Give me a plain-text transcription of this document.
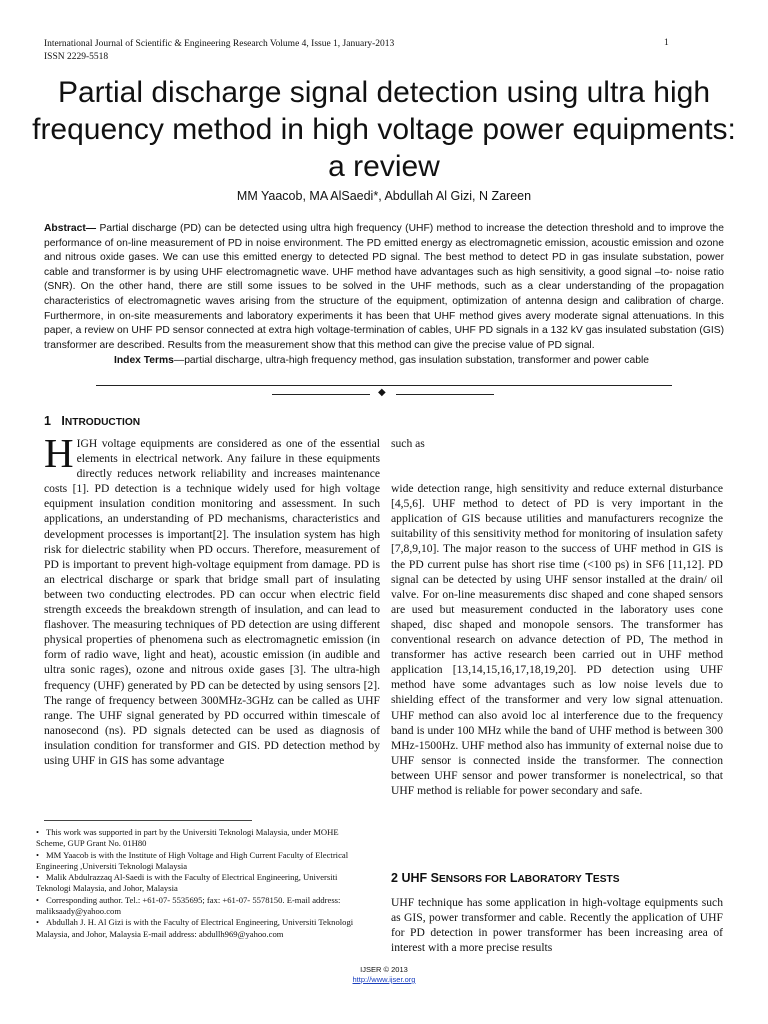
International Journal of Scientific & Engineering Research Volume 4, Issue 1, January-2013
ISSN 2229-5518
1
Partial discharge signal detection using ultra high frequency method in high voltage power equipments: a review
MM Yaacob, MA AlSaedi*, Abdullah Al Gizi, N Zareen

Abstract— Partial discharge (PD) can be detected using ultra high frequency (UHF) method to increase the detection threshold and to improve the performance of on-line measurement of PD in noise environment. The PD emitted energy as electromagnetic emission, acoustic emission and ozone and nitrous oxide gases. We can use this emitted energy to detected PD signal. The best method to detect PD in gas insulate substation, power cable and transformer is by using UHF electromagnetic wave. UHF method have advantages such as high sensitivity, a good signal –to- noise ratio (SNR). On the other hand, there are still some issues to be solved in the UHF methods, such as a clear understanding of the propagation characteristics of electromagnetic waves arising from the structure of the equipment, optimization of antenna design and calibration of charge. Furthermore, in on-site measurements and laboratory experiments it has been that UHF method gives avery moderate signal attenuations. In this paper, a review on UHF PD sensor connected at extra high voltage-termination of cables, UHF PD signals in a 132 kV gas insulated substation (GIS) transformer are described. Results from the measurement show that this method can give the precise value of PD signal.

Index Terms—partial discharge, ultra-high frequency method, gas insulation substation, transformer and power cable

◆
1 INTRODUCTION

HIGH voltage equipments are considered as one of the essential elements in electrical network. Any failure in these equipments directly reduces network reliability and increases maintenance costs [1]. PD detection is a technique widely used for high voltage equipment insulation condition monitoring and assessment. In such applications, an understanding of PD mechanisms, characteristics and development processes is important[2]. The insulation system has high risk for dielectric stability when PD occurs. Therefore, measurement of PD is important to prevent high-voltage equipment from damage. PD is an electrical discharge or spark that bridge small part of insulating between two conducting electrodes. PD can occur when electric field strength exceeds the breakdown strength of insulation, and can lead to flashover. The measuring techniques of PD detection are using different physical properties of phenomena such as electromagnetic emission (in form of radio wave, light and heat), acoustic emission (in audible and ultra sonic rages), ozone and nitrous oxide gases [3]. The ultra-high frequency (UHF) generated by PD can be detected by using sensors [2]. The range of frequency between 300MHz-3GHz can be called as UHF range. The UHF signal generated by PD occurred within timescale of nanosecond (ns). PD signals detected can be used as diagnosis of insulation condition for transformer and GIS. PD detection method by using UHF in GIS has some advantage

• This work was supported in part by the Universiti Teknologi Malaysia, under MOHE Scheme, GUP Grant No. 01H80
• MM Yaacob is with the Institute of High Voltage and High Current Faculty of Electrical Engineering ,Universiti Teknologi Malaysia
• Malik Abdulrazzaq Al-Saedi is with the Faculty of Electrical Engineering, Universiti Teknologi Malaysia, and Johor, Malaysia
• Corresponding author. Tel.: +61-07- 5535695; fax: +61-07- 5578150. E-mail address: maliksaady@yahoo.com
• Abdullah J. H. Al Gizi is with the Faculty of Electrical Engineering, Universiti Teknologi Malaysia, and Johor, Malaysia E-mail address: abdullh969@yahoo.com

such as

wide detection range, high sensitivity and reduce external disturbance [4,5,6]. UHF method to detect of PD is very important in the application of GIS because utilities and manufacturers recognize the suitability of this sensitivity method for monitoring of insulation safety [7,8,9,10]. The major reason to the success of UHF method in GIS is the PD current pulse has short rise time (<100 ps) in SF6 [11,12]. PD signal can be detected by using UHF sensor installed at the drain/ oil valve. For on-line measurements disc shaped and cone shaped sensors are used but measurement conducted in the laboratory uses cone shaped, disc shaped and monopole sensors. The transformer has conventional research on advance detection of PD, The method in transformer has active research been carried out in UHF method application [13,14,15,16,17,18,19,20]. PD detection using UHF method have some advantages such as low noise levels due to shielding effect of the transformer and very low signal attenuation. UHF method can also avoid loc al interference due to the frequency band is under 100 MHz while the band of UHF method is between 300 MHz-1500Hz. UHF method also has immunity of external noise due to UHF sensor is connected inside the transformer. The connection between UHF sensor and power transformer is nonelectrical, so that UHF method is reliable for power secondary and safe.

2 UHF SENSORS FOR LABORATORY TESTS

UHF technique has some application in high-voltage equipments such as GIS, power transformer and cable. Recently the application of UHF for PD detection in power transformer has been increasing area of interest with a more precise results

IJSER © 2013
http://www.ijser.org
